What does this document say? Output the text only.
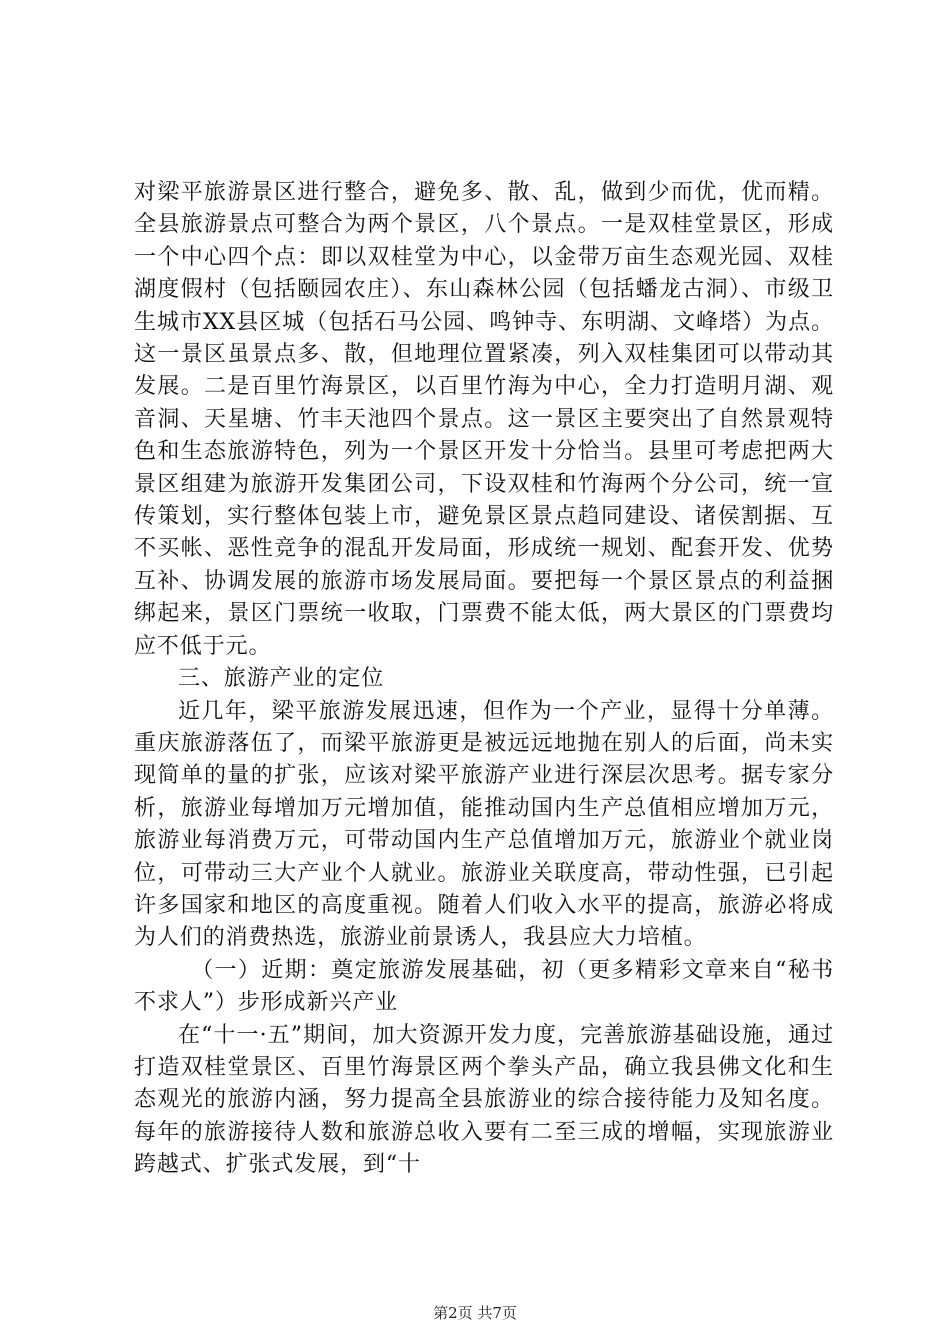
对梁平旅游景区进行整合，避免多、散、乱，做到少而优，优而精。全县旅游景点可整合为两个景区，八个景点。一是双桂堂景区，形成一个中心四个点：即以双桂堂为中心，以金带万亩生态观光园、双桂湖度假村（包括颐园农庄）、东山森林公园（包括蟠龙古洞）、市级卫生城市XX县区城（包括石马公园、鸣钟寺、东明湖、文峰塔）为点。这一景区虽景点多、散，但地理位置紧凑，列入双桂集团可以带动其发展。二是百里竹海景区，以百里竹海为中心，全力打造明月湖、观音洞、天星塘、竹丰天池四个景点。这一景区主要突出了自然景观特色和生态旅游特色，列为一个景区开发十分恰当。县里可考虑把两大景区组建为旅游开发集团公司，下设双桂和竹海两个分公司，统一宣传策划，实行整体包装上市，避免景区景点趋同建设、诸侯割据、互不买帐、恶性竞争的混乱开发局面，形成统一规划、配套开发、优势互补、协调发展的旅游市场发展局面。要把每一个景区景点的利益捆绑起来，景区门票统一收取，门票费不能太低，两大景区的门票费均应不低于元。

三、旅游产业的定位

近几年，梁平旅游发展迅速，但作为一个产业，显得十分单薄。重庆旅游落伍了，而梁平旅游更是被远远地抛在别人的后面，尚未实现简单的量的扩张，应该对梁平旅游产业进行深层次思考。据专家分析，旅游业每增加万元增加值，能推动国内生产总值相应增加万元，旅游业每消费万元，可带动国内生产总值增加万元，旅游业个就业岗位，可带动三大产业个人就业。旅游业关联度高，带动性强，已引起许多国家和地区的高度重视。随着人们收入水平的提高，旅游必将成为人们的消费热选，旅游业前景诱人，我县应大力培植。

（一）近期：奠定旅游发展基础，初（更多精彩文章来自“秘书不求人”）步形成新兴产业

在“十一·五”期间，加大资源开发力度，完善旅游基础设施，通过打造双桂堂景区、百里竹海景区两个拳头产品，确立我县佛文化和生态观光的旅游内涵，努力提高全县旅游业的综合接待能力及知名度。每年的旅游接待人数和旅游总收入要有二至三成的增幅，实现旅游业跨越式、扩张式发展，到“十

第2页 共7页
